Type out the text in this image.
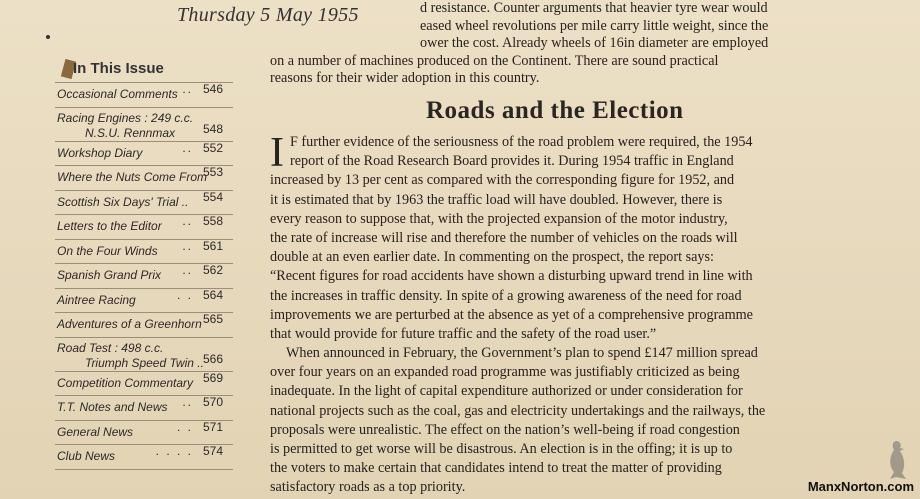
Thursday 5 May 1955
In This Issue
Occasional Comments .. 546
Racing Engines : 249 c.c.
N.S.U. Rennmax	548
Workshop Diary	.. 552
Where the Nuts Come From
553
Scottish Six Days' Trial .. 554
Letters to the Editor .. 558
On the Four Winds .. 561
Spanish Grand Prix .. 562
Aintree Racing	. . 564
Adventures of a Greenhorn 565
Road Test : 498 c.c.
Triumph Speed Twin .. 566
Competition Commentary 569
T.T. Notes and News .. 570
General News	. . 571
Club News	. . . . 574
d resistance. Counter arguments that heavier tyre wear would
eased wheel revolutions per mile carry little weight, since the
ower the cost. Already wheels of 16in diameter are employed
on a number of machines produced on the Continent. There are sound practical
reasons for their wider adoption in this country.
Roads and the Election
I F further evidence of the seriousness of the road problem were required, the 1954
report of the Road Research Board provides it. During 1954 traffic in England
increased by 13 per cent as compared with the corresponding figure for 1952, and
it is estimated that by 1963 the traffic load will have doubled. However, there is
every reason to suppose that, with the projected expansion of the motor industry,
the rate of increase will rise and therefore the number of vehicles on the roads will
double at an even earlier date. In commenting on the prospect, the report says:
“Recent figures for road accidents have shown a disturbing upward trend in line with
the increases in traffic density. In spite of a growing awareness of the need for road
improvements we are perturbed at the absence as yet of a comprehensive programme
that would provide for future traffic and the safety of the road user.”
When announced in February, the Government’s plan to spend £147 million spread
over four years on an expanded road programme was justifiably criticized as being
inadequate. In the light of capital expenditure authorized or under consideration for
national projects such as the coal, gas and electricity undertakings and the railways, the
proposals were unrealistic. The effect on the nation’s well-being if road congestion
is permitted to get worse will be disastrous. An election is in the offing; it is up to
the voters to make certain that candidates intend to treat the matter of providing
satisfactory roads as a top priority.	ManxNorton.com
